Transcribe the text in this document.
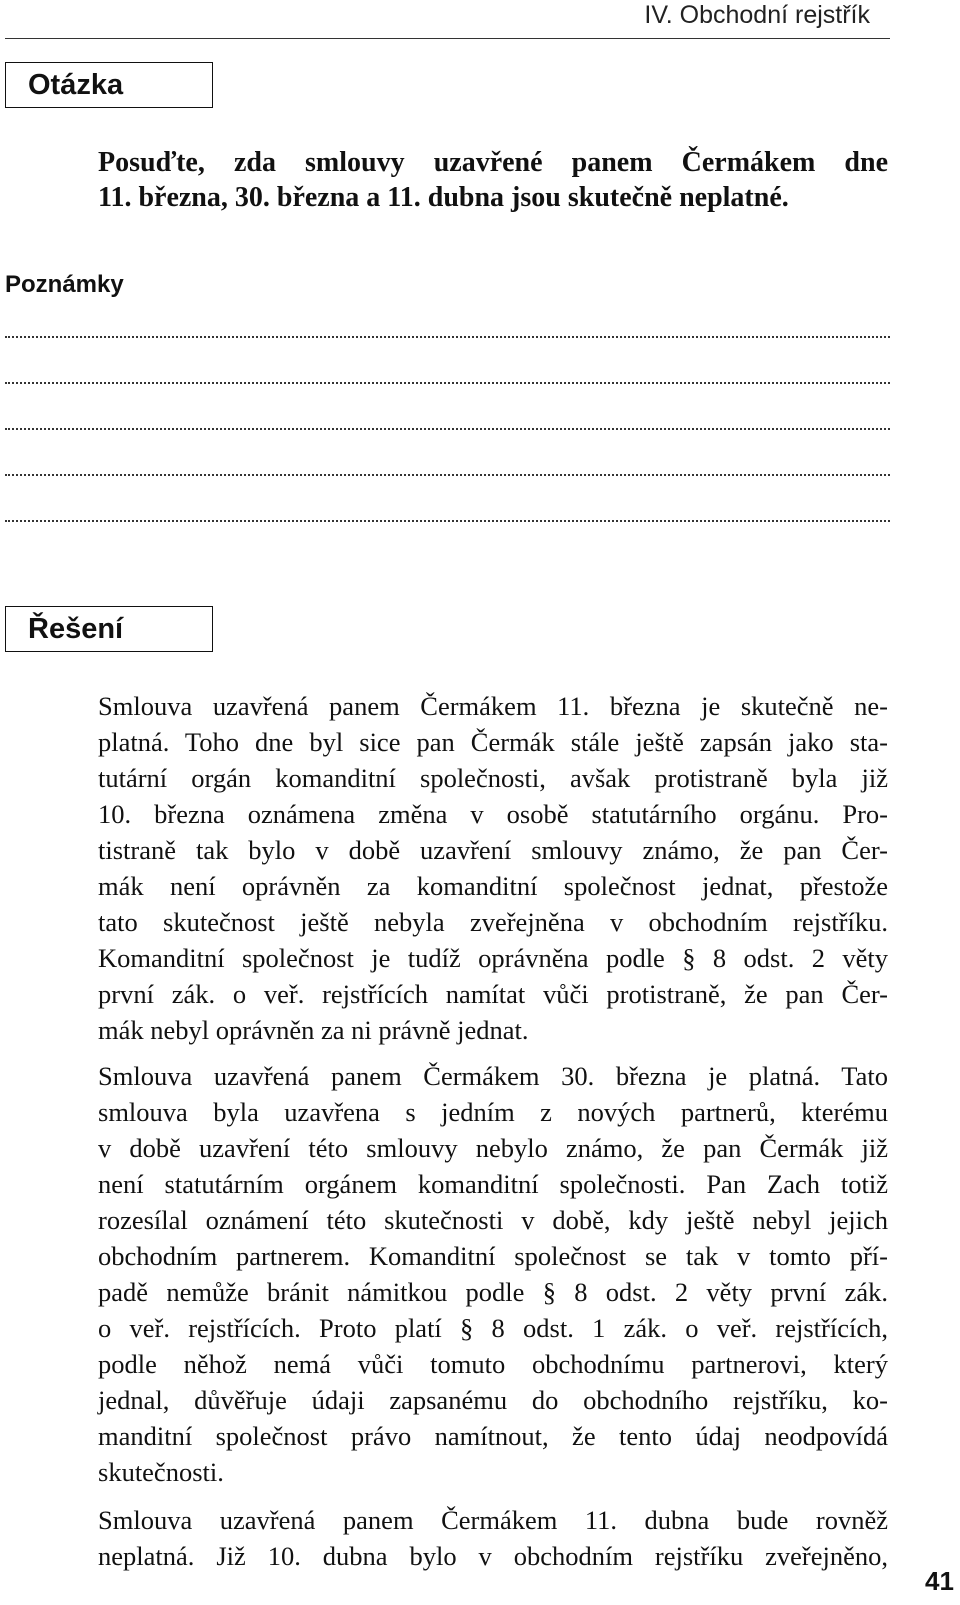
IV. Obchodní rejstřík
Otázka
Posuďte, zda smlouvy uzavřené panem Čermákem dne
11. března, 30. března a 11. dubna jsou skutečně neplatné.
Poznámky
Řešení
Smlouva uzavřená panem Čermákem 11. března je skutečně ne-
platná. Toho dne byl sice pan Čermák stále ještě zapsán jako sta-
tutární orgán komanditní společnosti, avšak protistraně byla již
10. března oznámena změna v osobě statutárního orgánu. Pro-
tistraně tak bylo v době uzavření smlouvy známo, že pan Čer-
mák není oprávněn za komanditní společnost jednat, přestože
tato skutečnost ještě nebyla zveřejněna v obchodním rejstříku.
Komanditní společnost je tudíž oprávněna podle § 8 odst. 2 věty
první zák. o veř. rejstřících namítat vůči protistraně, že pan Čer-
mák nebyl oprávněn za ni právně jednat.
Smlouva uzavřená panem Čermákem 30. března je platná. Tato
smlouva byla uzavřena s jedním z nových partnerů, kterému
v době uzavření této smlouvy nebylo známo, že pan Čermák již
není statutárním orgánem komanditní společnosti. Pan Zach totiž
rozesílal oznámení této skutečnosti v době, kdy ještě nebyl jejich
obchodním partnerem. Komanditní společnost se tak v tomto pří-
padě nemůže bránit námitkou podle § 8 odst. 2 věty první zák.
o veř. rejstřících. Proto platí § 8 odst. 1 zák. o veř. rejstřících,
podle něhož nemá vůči tomuto obchodnímu partnerovi, který
jednal, důvěřuje údaji zapsanému do obchodního rejstříku, ko-
manditní společnost právo namítnout, že tento údaj neodpovídá
skutečnosti.
Smlouva uzavřená panem Čermákem 11. dubna bude rovněž
neplatná. Již 10. dubna bylo v obchodním rejstříku zveřejněno,
41
